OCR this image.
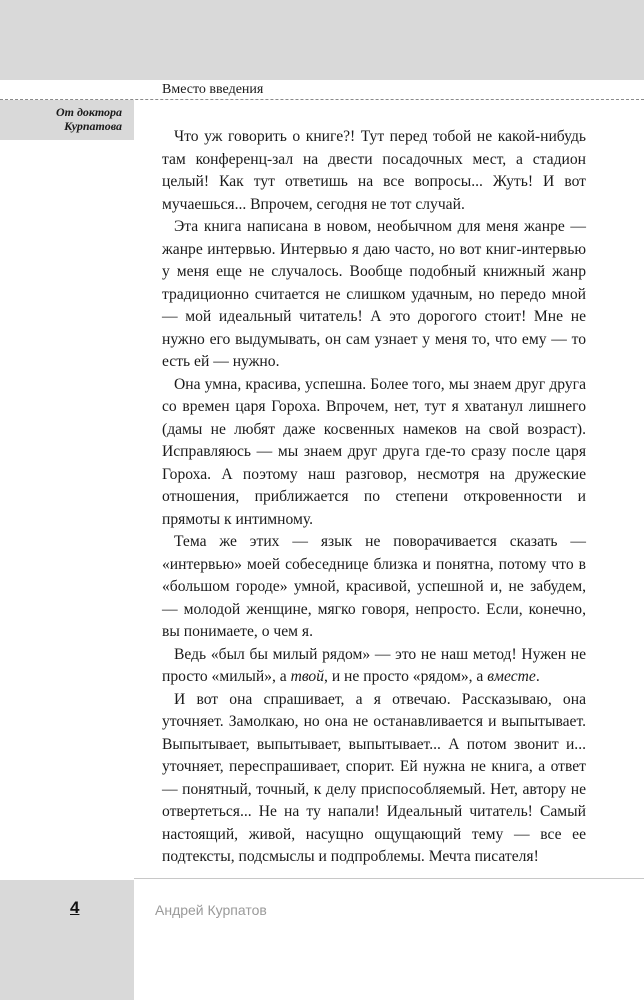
Вместо введения
От доктора
Курпатова

Что уж говорить о книге?! Тут перед тобой не какой-нибудь там конференц-зал на двести посадочных мест, а стадион целый! Как тут ответишь на все вопросы... Жуть! И вот мучаешься... Впрочем, сегодня не тот случай.

Эта книга написана в новом, необычном для меня жанре — жанре интервью. Интервью я даю часто, но вот книг-интервью у меня еще не случалось. Вообще подобный книжный жанр традиционно считается не слишком удачным, но передо мной — мой идеальный читатель! А это дорогого стоит! Мне не нужно его выдумывать, он сам узнает у меня то, что ему — то есть ей — нужно.

Она умна, красива, успешна. Более того, мы знаем друг друга со времен царя Гороха. Впрочем, нет, тут я хватанул лишнего (дамы не любят даже косвенных намеков на свой возраст). Исправляюсь — мы знаем друг друга где-то сразу после царя Гороха. А поэтому наш разговор, несмотря на дружеские отношения, приближается по степени откровенности и прямоты к интимному.

Тема же этих — язык не поворачивается сказать — «интервью» моей собеседнице близка и понятна, потому что в «большом городе» умной, красивой, успешной и, не забудем, — молодой женщине, мягко говоря, непросто. Если, конечно, вы понимаете, о чем я.

Ведь «был бы милый рядом» — это не наш метод! Нужен не просто «милый», а твой, и не просто «рядом», а вместе.

И вот она спрашивает, а я отвечаю. Рассказываю, она уточняет. Замолкаю, но она не останавливается и выпытывает. Выпытывает, выпытывает, выпытывает... А потом звонит и... уточняет, переспрашивает, спорит. Ей нужна не книга, а ответ — понятный, точный, к делу приспособляемый. Нет, автору не отвертеться... Не на ту напали! Идеальный читатель! Самый настоящий, живой, насущно ощущающий тему — все ее подтексты, подсмыслы и подпроблемы. Мечта писателя!

4	Андрей Курпатов
